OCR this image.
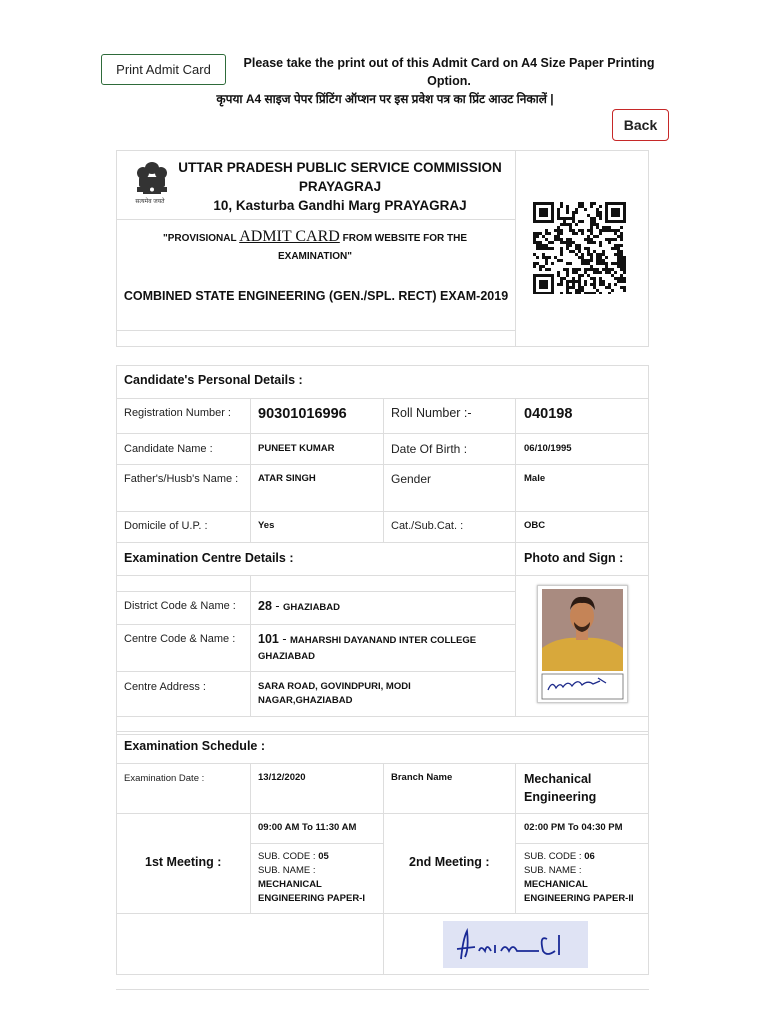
Print Admit Card	Please take the print out of this Admit Card on A4 Size Paper Printing Option.
कृपया A4 साइज पेपर प्रिंटिंग ऑप्शन पर इस प्रवेश पत्र का प्रिंट आउट निकालें |
Back
सत्यमेव जयते
UTTAR PRADESH PUBLIC SERVICE COMMISSION
PRAYAGRAJ
10, Kasturba Gandhi Marg PRAYAGRAJ
"PROVISIONAL ADMIT CARD FROM WEBSITE FOR THE EXAMINATION"
COMBINED STATE ENGINEERING (GEN./SPL. RECT) EXAM-2019
Candidate's Personal Details :
Registration Number : 90301016996	Roll Number :-	040198
Candidate Name :	PUNEET KUMAR	Date Of Birth :	06/10/1995
Father's/Husb's Name :	ATAR SINGH	Gender	Male
Domicile of U.P. :	Yes	Cat./Sub.Cat. :	OBC
Examination Centre Details :	Photo and Sign :
District Code & Name : 28 - GHAZIABAD
Centre Code & Name : 101 - MAHARSHI DAYANAND INTER COLLEGE GHAZIABAD
Centre Address :	SARA ROAD, GOVINDPURI, MODI NAGAR,GHAZIABAD
Examination Schedule :
Examination Date :	13/12/2020	Branch Name	Mechanical Engineering
1st Meeting :
09:00 AM To 11:30 AM
SUB. CODE : 05
SUB. NAME :
MECHANICAL ENGINEERING PAPER-I
2nd Meeting :
02:00 PM To 04:30 PM
SUB. CODE : 06
SUB. NAME :
MECHANICAL ENGINEERING PAPER-II
